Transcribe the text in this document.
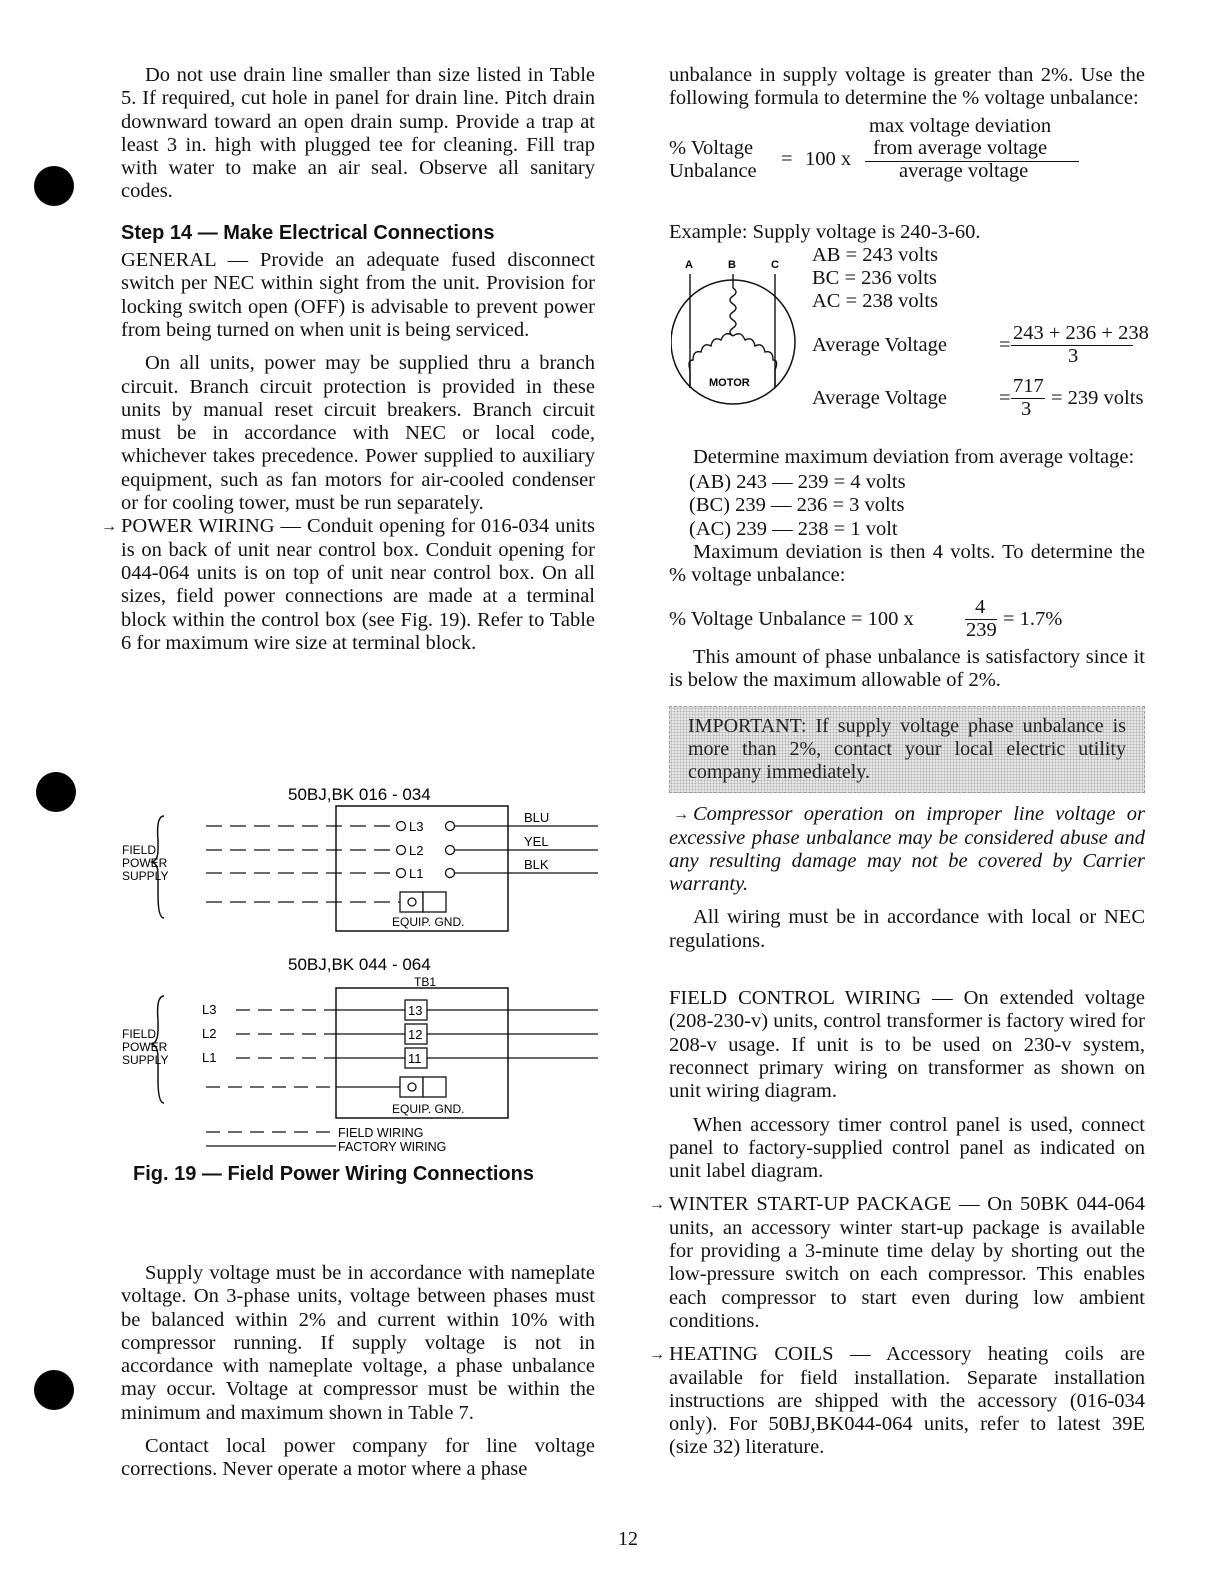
Do not use drain line smaller than size listed in Table 5. If required, cut hole in panel for drain line. Pitch drain downward toward an open drain sump. Provide a trap at least 3 in. high with plugged tee for cleaning. Fill trap with water to make an air seal. Observe all sanitary codes.

Step 14 — Make Electrical Connections

GENERAL — Provide an adequate fused disconnect switch per NEC within sight from the unit. Provision for locking switch open (OFF) is advisable to prevent power from being turned on when unit is being serviced.

On all units, power may be supplied thru a branch circuit. Branch circuit protection is provided in these units by manual reset circuit breakers. Branch circuit must be in accordance with NEC or local code, whichever takes precedence. Power supplied to auxiliary equipment, such as fan motors for air-cooled condenser or for cooling tower, must be run separately.

→ POWER WIRING — Conduit opening for 016-034 units is on back of unit near control box. Conduit opening for 044-064 units is on top of unit near control box. On all sizes, field power connections are made at a terminal block within the control box (see Fig. 19). Refer to Table 6 for maximum wire size at terminal block.

50BJ,BK 016 - 034
FIELD
POWER
SUPPLY
L3
BLU
L2
YEL
L1
BLK
EQUIP. GND.
50BJ,BK 044 - 064
TB1
FIELD
POWER
SUPPLY
L3	13
L2	12
L1	11
EQUIP. GND.
FIELD WIRING
FACTORY WIRING
Fig. 19 — Field Power Wiring Connections

Supply voltage must be in accordance with nameplate voltage. On 3-phase units, voltage between phases must be balanced within 2% and current within 10% with compressor running. If supply voltage is not in accordance with nameplate voltage, a phase unbalance may occur. Voltage at compressor must be within the minimum and maximum shown in Table 7.

Contact local power company for line voltage corrections. Never operate a motor where a phase

unbalance in supply voltage is greater than 2%. Use the following formula to determine the % voltage unbalance:

max voltage deviation
% Voltage
Unbalance
= 100 x from average voltage
average voltage

Example: Supply voltage is 240-3-60.

A	B	C
MOTOR
AB = 243 volts
BC = 236 volts
AC = 238 volts
Average Voltage	=
243 + 236 + 238
3
Average Voltage	=
717
3 = 239 volts

Determine maximum deviation from average voltage:

(AB) 243 — 239 = 4 volts
(BC) 239 — 236 = 3 volts
(AC) 239 — 238 = 1 volt

Maximum deviation is then 4 volts. To determine the % voltage unbalance:

% Voltage Unbalance = 100 x
4
239 = 1.7%

This amount of phase unbalance is satisfactory since it is below the maximum allowable of 2%.

IMPORTANT: If supply voltage phase unbalance is more than 2%, contact your local electric utility company immediately.

→ Compressor operation on improper line voltage or excessive phase unbalance may be considered abuse and any resulting damage may not be covered by Carrier warranty.

All wiring must be in accordance with local or NEC regulations.

FIELD CONTROL WIRING — On extended voltage (208-230-v) units, control transformer is factory wired for 208-v usage. If unit is to be used on 230-v system, reconnect primary wiring on transformer as shown on unit wiring diagram.

When accessory timer control panel is used, connect panel to factory-supplied control panel as indicated on unit label diagram.

→ WINTER START-UP PACKAGE — On 50BK 044-064 units, an accessory winter start-up package is available for providing a 3-minute time delay by shorting out the low-pressure switch on each compressor. This enables each compressor to start even during low ambient conditions.

→ HEATING COILS — Accessory heating coils are available for field installation. Separate installation instructions are shipped with the accessory (016-034 only). For 50BJ,BK044-064 units, refer to latest 39E (size 32) literature.

12
